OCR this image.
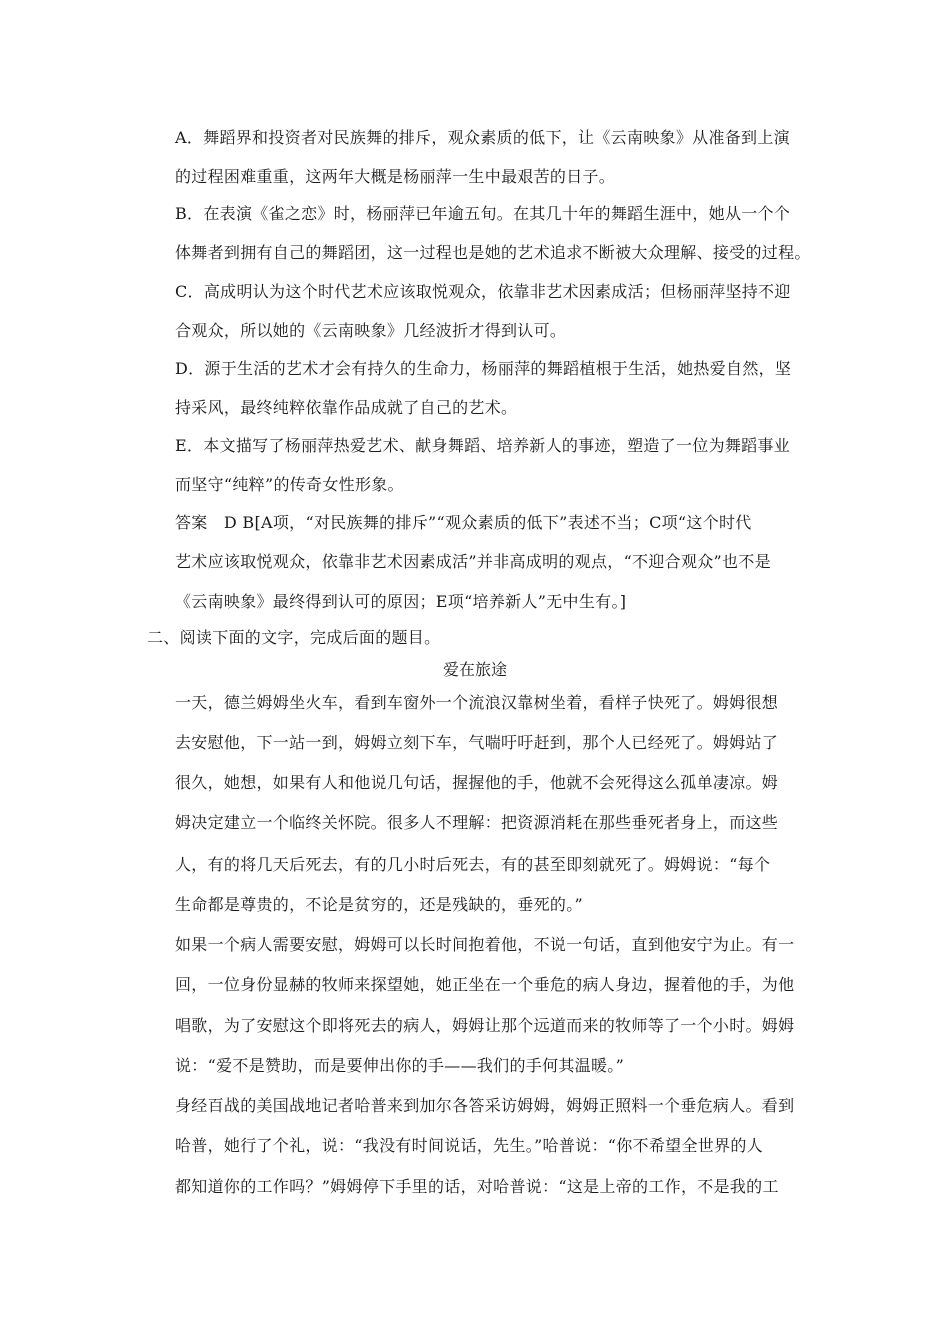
A．舞蹈界和投资者对民族舞的排斥，观众素质的低下，让《云南映象》从准备到上演
的过程困难重重，这两年大概是杨丽萍一生中最艰苦的日子。
B．在表演《雀之恋》时，杨丽萍已年逾五旬。在其几十年的舞蹈生涯中，她从一个个
体舞者到拥有自己的舞蹈团，这一过程也是她的艺术追求不断被大众理解、接受的过程。
C．高成明认为这个时代艺术应该取悦观众，依靠非艺术因素成活；但杨丽萍坚持不迎
合观众，所以她的《云南映象》几经波折才得到认可。
D．源于生活的艺术才会有持久的生命力，杨丽萍的舞蹈植根于生活，她热爱自然，坚
持采风，最终纯粹依靠作品成就了自己的艺术。
E．本文描写了杨丽萍热爱艺术、献身舞蹈、培养新人的事迹，塑造了一位为舞蹈事业
而坚守“纯粹”的传奇女性形象。
答案　D B[A项，“对民族舞的排斥”“观众素质的低下”表述不当；C项“这个时代
艺术应该取悦观众，依靠非艺术因素成活”并非高成明的观点，“不迎合观众”也不是
《云南映象》最终得到认可的原因；E项“培养新人”无中生有。]
二、阅读下面的文字，完成后面的题目。
爱在旅途
一天，德兰姆姆坐火车，看到车窗外一个流浪汉靠树坐着，看样子快死了。姆姆很想
去安慰他，下一站一到，姆姆立刻下车，气喘吁吁赶到，那个人已经死了。姆姆站了
很久，她想，如果有人和他说几句话，握握他的手，他就不会死得这么孤单凄凉。姆
姆决定建立一个临终关怀院。很多人不理解：把资源消耗在那些垂死者身上，而这些
人，有的将几天后死去，有的几小时后死去，有的甚至即刻就死了。姆姆说：“每个
生命都是尊贵的，不论是贫穷的，还是残缺的，垂死的。”
如果一个病人需要安慰，姆姆可以长时间抱着他，不说一句话，直到他安宁为止。有一
回，一位身份显赫的牧师来探望她，她正坐在一个垂危的病人身边，握着他的手，为他
唱歌，为了安慰这个即将死去的病人，姆姆让那个远道而来的牧师等了一个小时。姆姆
说：“爱不是赞助，而是要伸出你的手——我们的手何其温暖。”
身经百战的美国战地记者哈普来到加尔各答采访姆姆，姆姆正照料一个垂危病人。看到
哈普，她行了个礼，说：“我没有时间说话，先生。”哈普说：“你不希望全世界的人
都知道你的工作吗？”姆姆停下手里的话，对哈普说：“这是上帝的工作，不是我的工
